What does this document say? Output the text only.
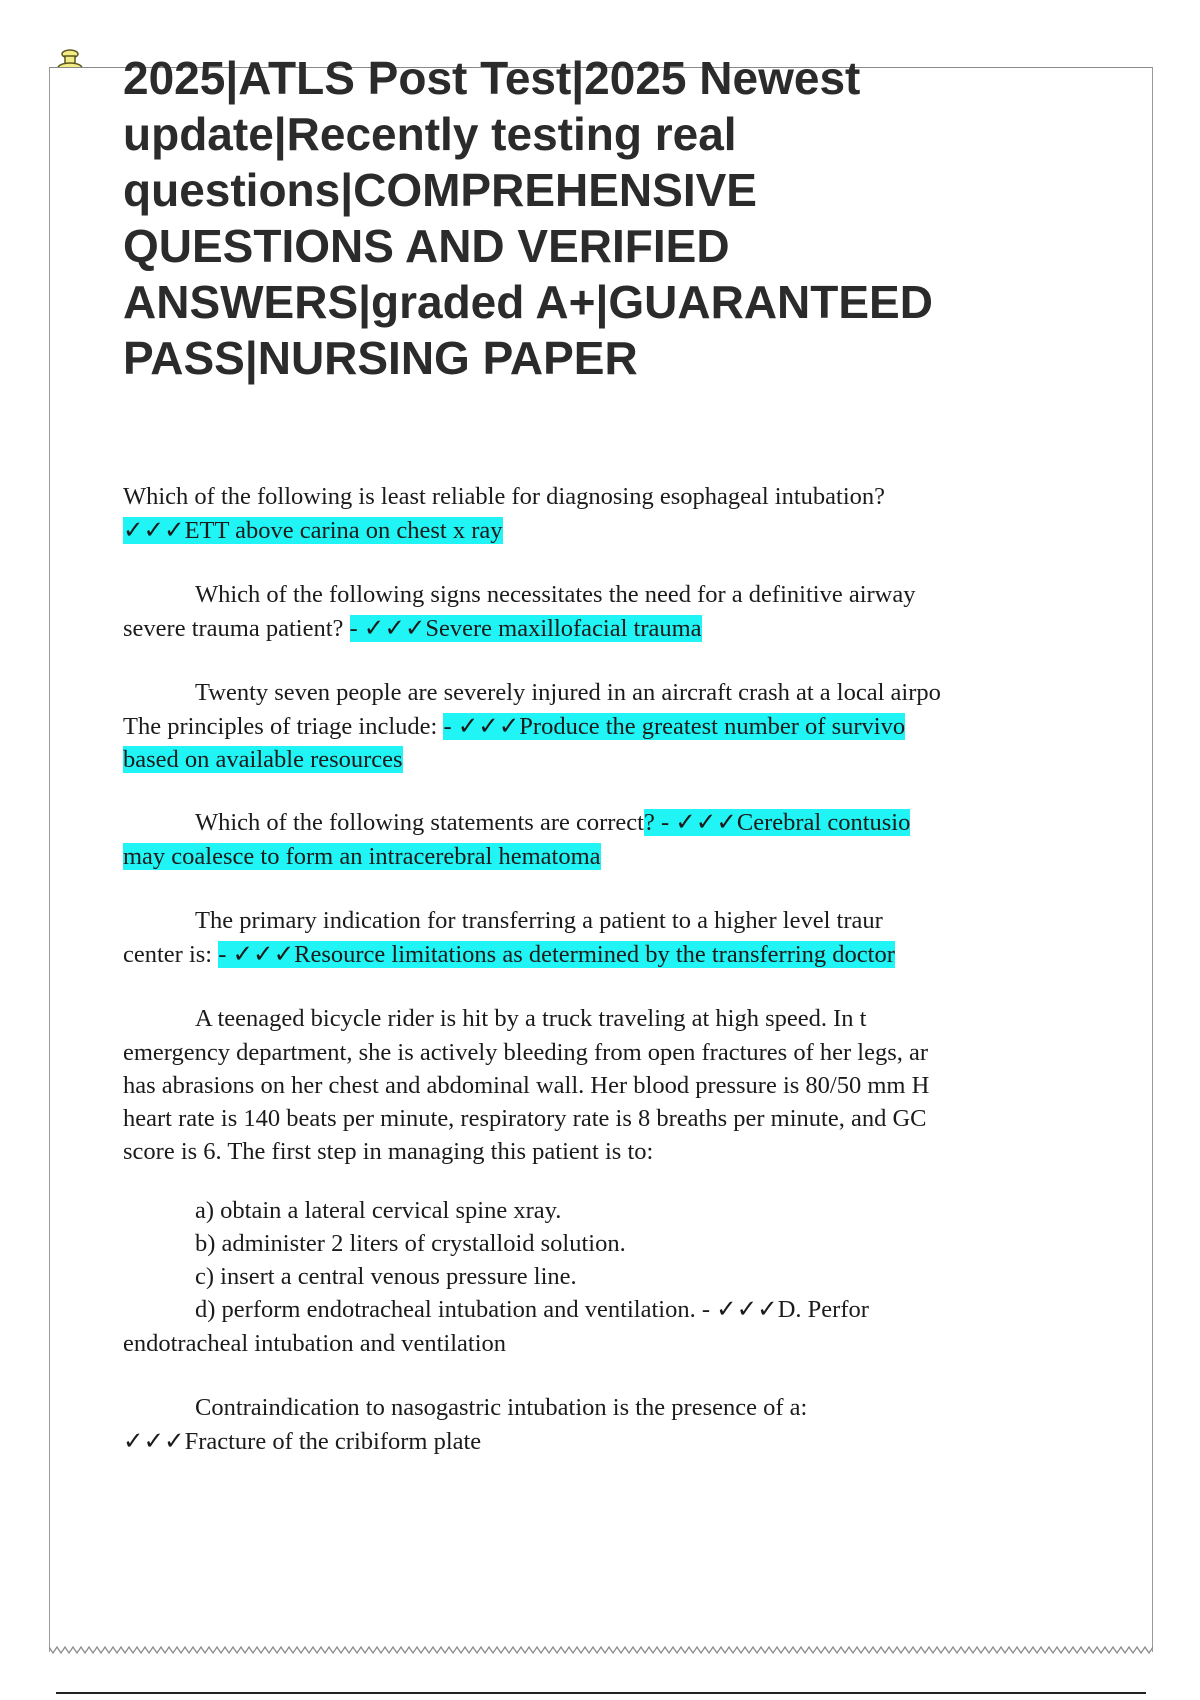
2025|ATLS Post Test|2025 Newest
update|Recently testing real
questions|COMPREHENSIVE
QUESTIONS AND VERIFIED
ANSWERS|graded A+|GUARANTEED
PASS|NURSING PAPER
Which of the following is least reliable for diagnosing esophageal intubation?
✓✓✓ETT above carina on chest x ray
Which of the following signs necessitates the need for a definitive airway
severe trauma patient? - ✓✓✓Severe maxillofacial trauma
Twenty seven people are severely injured in an aircraft crash at a local airpo
The principles of triage include: - ✓✓✓Produce the greatest number of survivo
based on available resources
Which of the following statements are correct? - ✓✓✓Cerebral contusio
may coalesce to form an intracerebral hematoma
The primary indication for transferring a patient to a higher level traur
center is: - ✓✓✓Resource limitations as determined by the transferring doctor
A teenaged bicycle rider is hit by a truck traveling at high speed. In t
emergency department, she is actively bleeding from open fractures of her legs, ar
has abrasions on her chest and abdominal wall. Her blood pressure is 80/50 mm H
heart rate is 140 beats per minute, respiratory rate is 8 breaths per minute, and GC
score is 6. The first step in managing this patient is to:
a) obtain a lateral cervical spine xray.
b) administer 2 liters of crystalloid solution.
c) insert a central venous pressure line.
d) perform endotracheal intubation and ventilation. - ✓✓✓D. Perfor
endotracheal intubation and ventilation
Contraindication to nasogastric intubation is the presence of a:
✓✓✓Fracture of the cribiform plate
